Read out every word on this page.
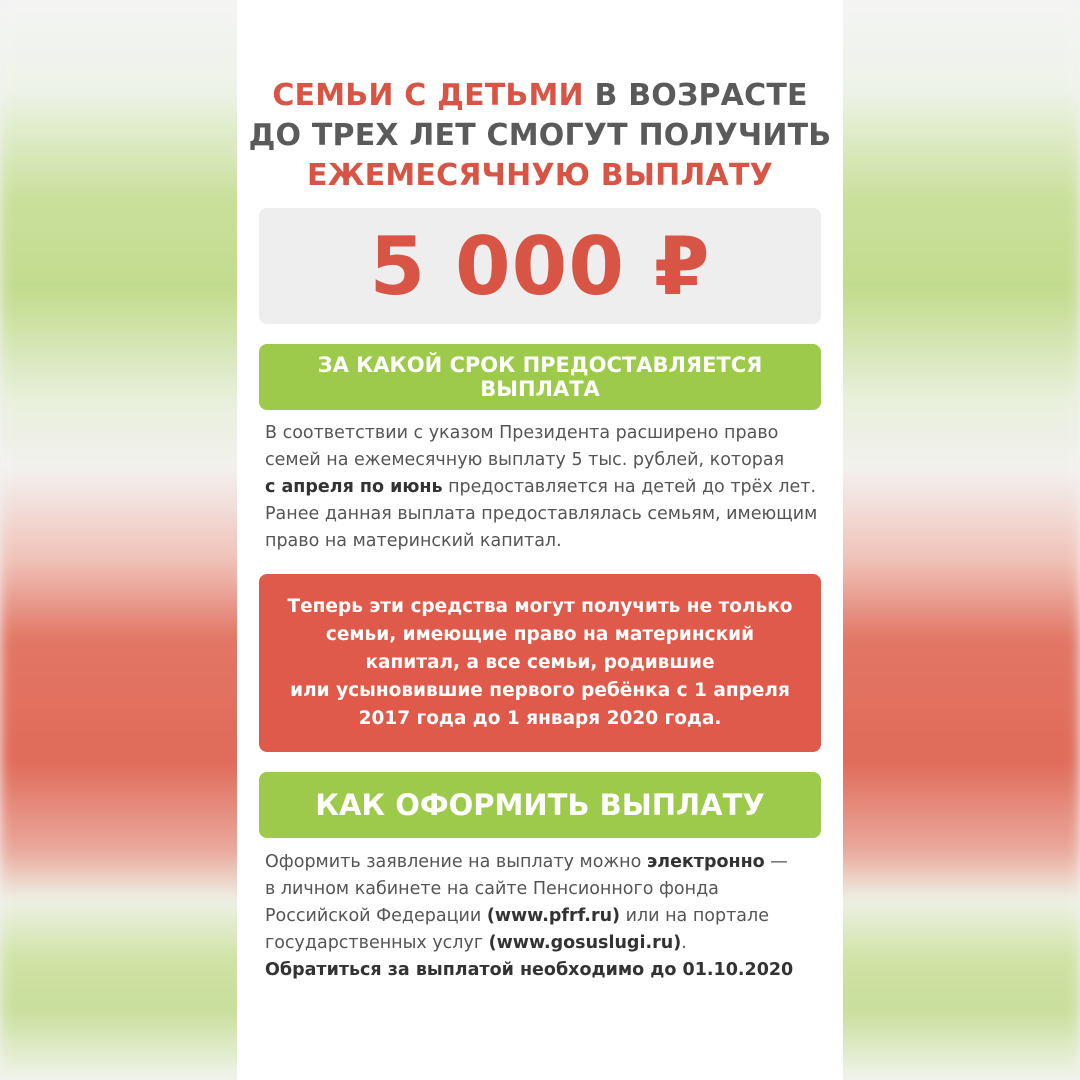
СЕМЬИ С ДЕТЬМИ В ВОЗРАСТЕ
ДО ТРЕХ ЛЕТ СМОГУТ ПОЛУЧИТЬ
ЕЖЕМЕСЯЧНУЮ ВЫПЛАТУ
5 000 ₽
ЗА КАКОЙ СРОК ПРЕДОСТАВЛЯЕТСЯ ВЫПЛАТА
В соответствии с указом Президента расширено право
семей на ежемесячную выплату 5 тыс. рублей, которая
с апреля по июнь предоставляется на детей до трёх лет.
Ранее данная выплата предоставлялась семьям, имеющим
право на материнский капитал.
Теперь эти средства могут получить не только
семьи, имеющие право на материнский
капитал, а все семьи, родившие
или усыновившие первого ребёнка с 1 апреля
2017 года до 1 января 2020 года.
КАК ОФОРМИТЬ ВЫПЛАТУ
Оформить заявление на выплату можно электронно —
в личном кабинете на сайте Пенсионного фонда
Российской Федерации (www.pfrf.ru) или на портале
государственных услуг (www.gosuslugi.ru).
Обратиться за выплатой необходимо до 01.10.2020
